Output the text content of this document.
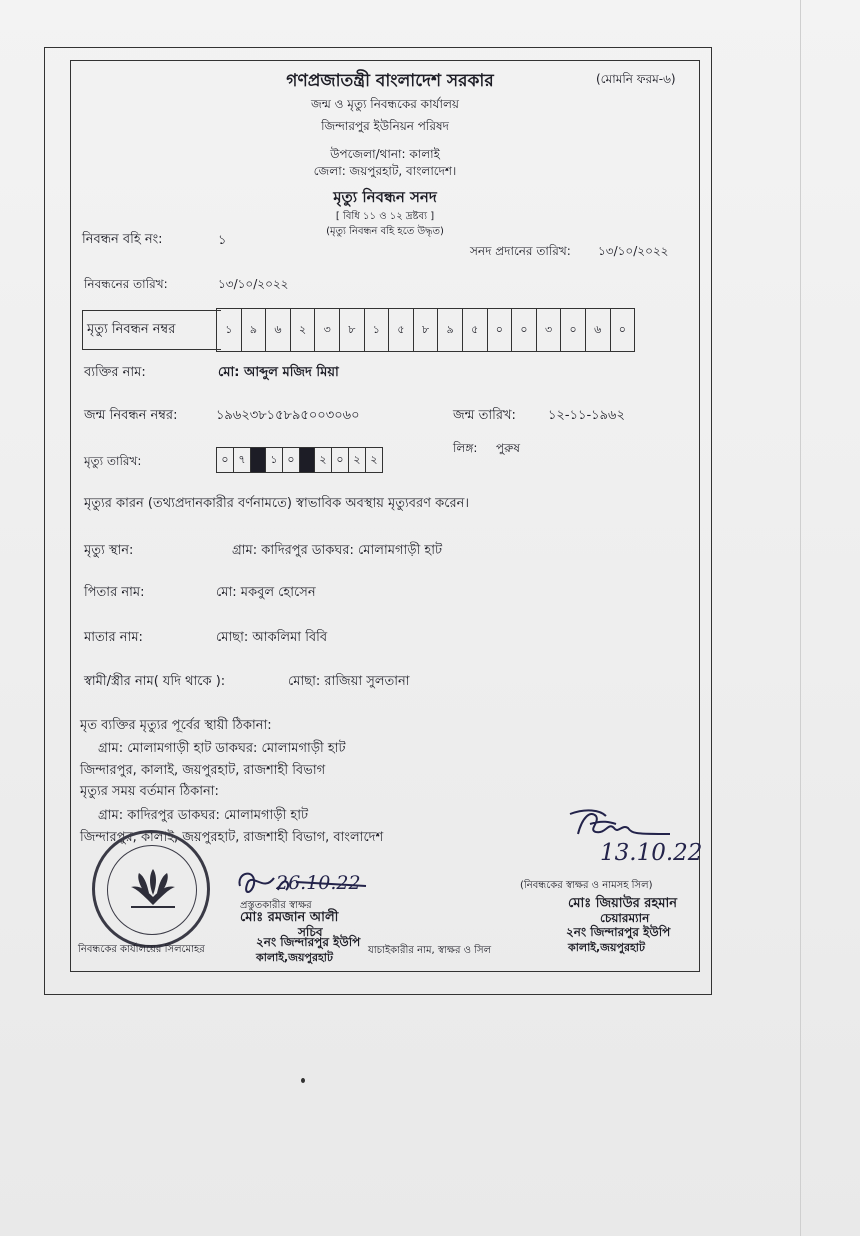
গণপ্রজাতন্ত্রী বাংলাদেশ সরকার	(মোমনি ফরম-৬)
জন্ম ও মৃত্যু নিবন্ধকের কার্যালয়
জিন্দারপুর ইউনিয়ন পরিষদ
উপজেলা/থানা: কালাই
জেলা: জয়পুরহাট, বাংলাদেশ।
মৃত্যু নিবন্ধন সনদ
[ বিধি ১১ ও ১২ দ্রষ্টব্য ]
(মৃত্যু নিবন্ধন বহি হতে উদ্ধৃত)
নিবন্ধন বহি নং:	১
সনদ প্রদানের তারিখ: ১৩/১০/২০২২
নিবন্ধনের তারিখ:	১৩/১০/২০২২
মৃত্যু নিবন্ধন নম্বর	১	৯	৬	২	৩	৮	১	৫	৮	৯	৫	০	০	৩	০	৬	০
ব্যক্তির নাম:	মো: আব্দুল মজিদ মিয়া
জন্ম নিবন্ধন নম্বর:	১৯৬২৩৮১৫৮৯৫০০৩০৬০	জন্ম তারিখ: ১২-১১-১৯৬২
লিঙ্গ: পুরুষ
মৃত্যু তারিখ:	০ ৭	১ ০	২ ০ ২ ২
মৃত্যুর কারন (তথ্যপ্রদানকারীর বর্ণনামতে) স্বাভাবিক অবস্থায় মৃত্যুবরণ করেন।
মৃত্যু স্থান:	গ্রাম: কাদিরপুর ডাকঘর: মোলামগাড়ী হাট
পিতার নাম:	মো: মকবুল হোসেন
মাতার নাম:	মোছা: আকলিমা বিবি
স্বামী/স্ত্রীর নাম( যদি থাকে ):	মোছা: রাজিয়া সুলতানা
মৃত ব্যক্তির মৃত্যুর পূর্বের স্থায়ী ঠিকানা:
গ্রাম: মোলামগাড়ী হাট ডাকঘর: মোলামগাড়ী হাট
জিন্দারপুর, কালাই, জয়পুরহাট, রাজশাহী বিভাগ
মৃত্যুর সময় বর্তমান ঠিকানা:
গ্রাম: কাদিরপুর ডাকঘর: মোলামগাড়ী হাট
জিন্দারপুর, কালাই, জয়পুরহাট, রাজশাহী বিভাগ, বাংলাদেশ
26.10.22
প্রস্তুতকারীর স্বাক্ষর
মোঃ রমজান আলী
সচিব
২নং জিন্দারপুর ইউপি
কালাই,জয়পুরহাট
নিবন্ধকের কার্যালয়ের সিলমোহর	যাচাইকারীর নাম, স্বাক্ষর ও সিল
13.10.22
(নিবন্ধকের স্বাক্ষর ও নামসহ সিল)
মোঃ জিয়াউর রহমান
চেয়ারম্যান
২নং জিন্দারপুর ইউপি
কালাই,জয়পুরহাট
